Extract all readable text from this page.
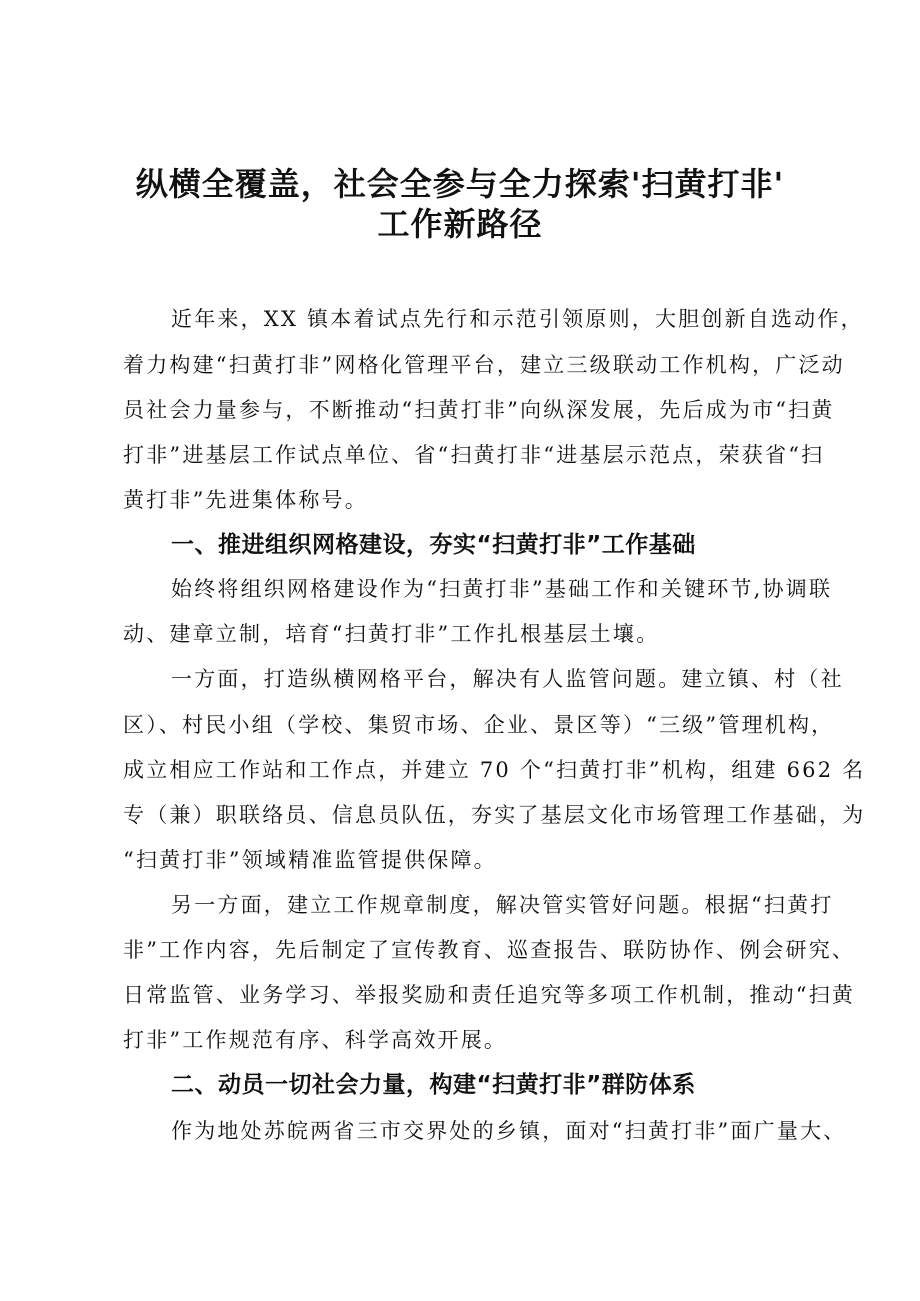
纵横全覆盖，社会全参与全力探索'扫黄打非'
工作新路径
近年来，XX 镇本着试点先行和示范引领原则，大胆创新自选动作，
着力构建“扫黄打非”网格化管理平台，建立三级联动工作机构，广泛动
员社会力量参与，不断推动“扫黄打非”向纵深发展，先后成为市“扫黄
打非”进基层工作试点单位、省“扫黄打非“进基层示范点，荣获省“扫
黄打非”先进集体称号。
一、推进组织网格建设，夯实“扫黄打非”工作基础
始终将组织网格建设作为“扫黄打非”基础工作和关键环节,协调联
动、建章立制，培育“扫黄打非”工作扎根基层土壤。
一方面，打造纵横网格平台，解决有人监管问题。建立镇、村（社
区）、村民小组（学校、集贸市场、企业、景区等）“三级”管理机构，
成立相应工作站和工作点，并建立 70 个“扫黄打非”机构，组建 662 名
专（兼）职联络员、信息员队伍，夯实了基层文化市场管理工作基础，为
“扫黄打非”领域精准监管提供保障。
另一方面，建立工作规章制度，解决管实管好问题。根据“扫黄打
非”工作内容，先后制定了宣传教育、巡查报告、联防协作、例会研究、
日常监管、业务学习、举报奖励和责任追究等多项工作机制，推动“扫黄
打非”工作规范有序、科学高效开展。
二、动员一切社会力量，构建“扫黄打非”群防体系
作为地处苏皖两省三市交界处的乡镇，面对“扫黄打非”面广量大、
